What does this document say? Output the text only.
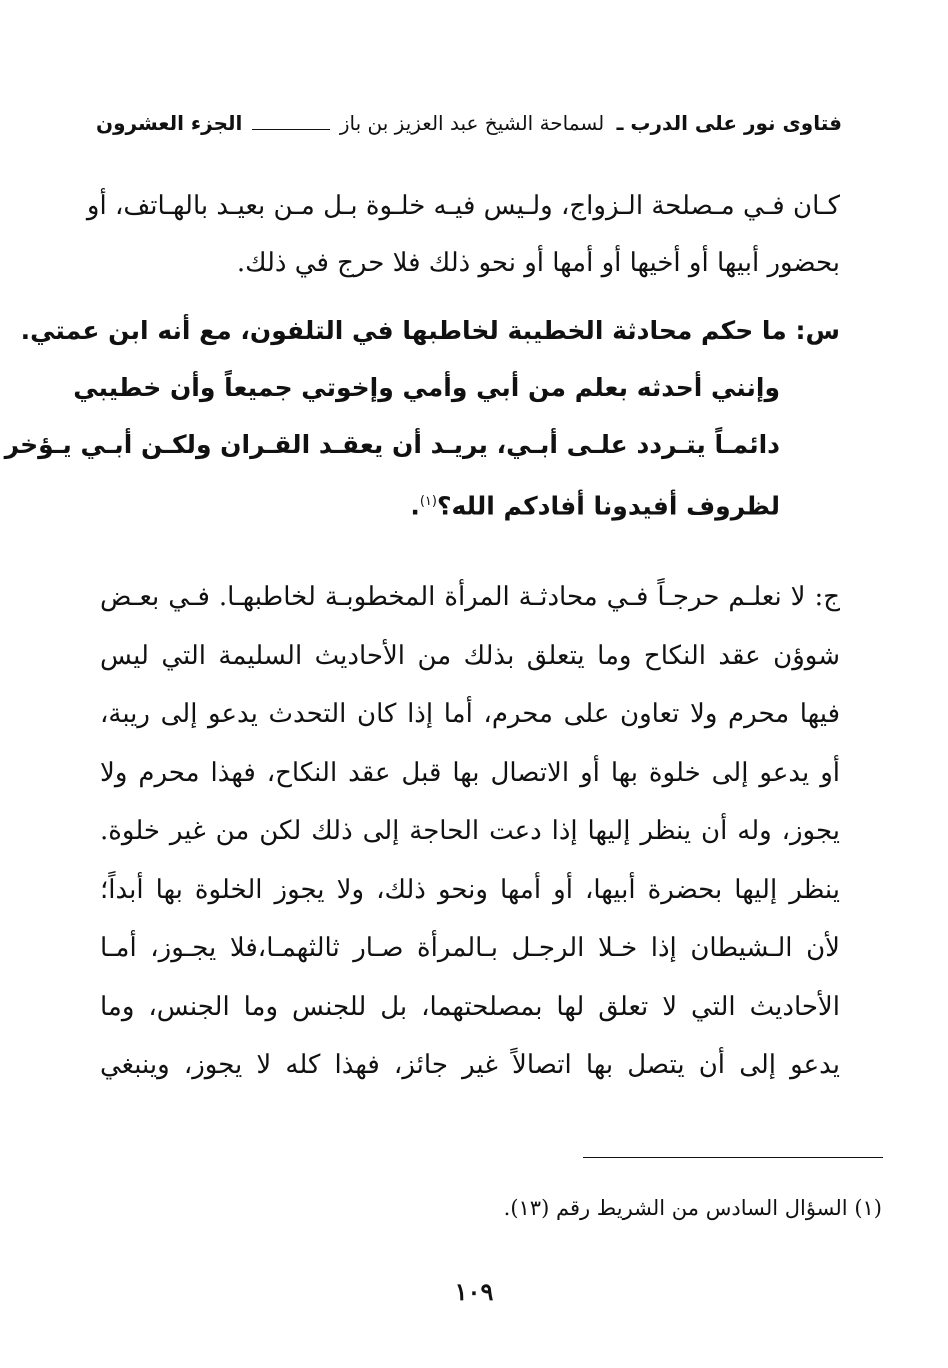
فتاوى نور على الدرب ـ لسماحة الشيخ عبد العزيز بن باز
الجزء العشرون
كـان فـي مـصلحة الـزواج، ولـيس فيـه خلـوة بـل مـن بعيـد بالهـاتف، أو
بحضور أبيها أو أخيها أو أمها أو نحو ذلك فلا حرج في ذلك.
س: ما حكم محادثة الخطيبة لخاطبها في التلفون، مع أنه ابن عمتي.
وإنني أحدثه بعلم من أبي وأمي وإخوتي جميعاً وأن خطيبي
دائمـاً يتـردد علـى أبـي، يريـد أن يعقـد القـران ولكـن أبـي يـؤخر
لظروف أفيدونا أفادكم الله؟$^{(١)}$.
ج: لا نعلـم حرجـاً فـي محادثـة المرأة المخطوبـة لخاطبهـا. فـي بعـض
شوؤن عقد النكاح وما يتعلق بذلك من الأحاديث السليمة التي ليس
فيها محرم ولا تعاون على محرم، أما إذا كان التحدث يدعو إلى ريبة،
أو يدعو إلى خلوة بها أو الاتصال بها قبل عقد النكاح، فهذا محرم ولا
يجوز، وله أن ينظر إليها إذا دعت الحاجة إلى ذلك لكن من غير خلوة.
ينظر إليها بحضرة أبيها، أو أمها ونحو ذلك، ولا يجوز الخلوة بها أبداً؛
لأن الـشيطان إذا خـلا الرجـل بـالمرأة صـار ثالثهمـا،فلا يجـوز، أمـا
الأحاديث التي لا تعلق لها بمصلحتهما، بل للجنس وما الجنس، وما
يدعو إلى أن يتصل بها اتصالاً غير جائز، فهذا كله لا يجوز، وينبغي
(١) السؤال السادس من الشريط رقم (١٣).
١٠٩
